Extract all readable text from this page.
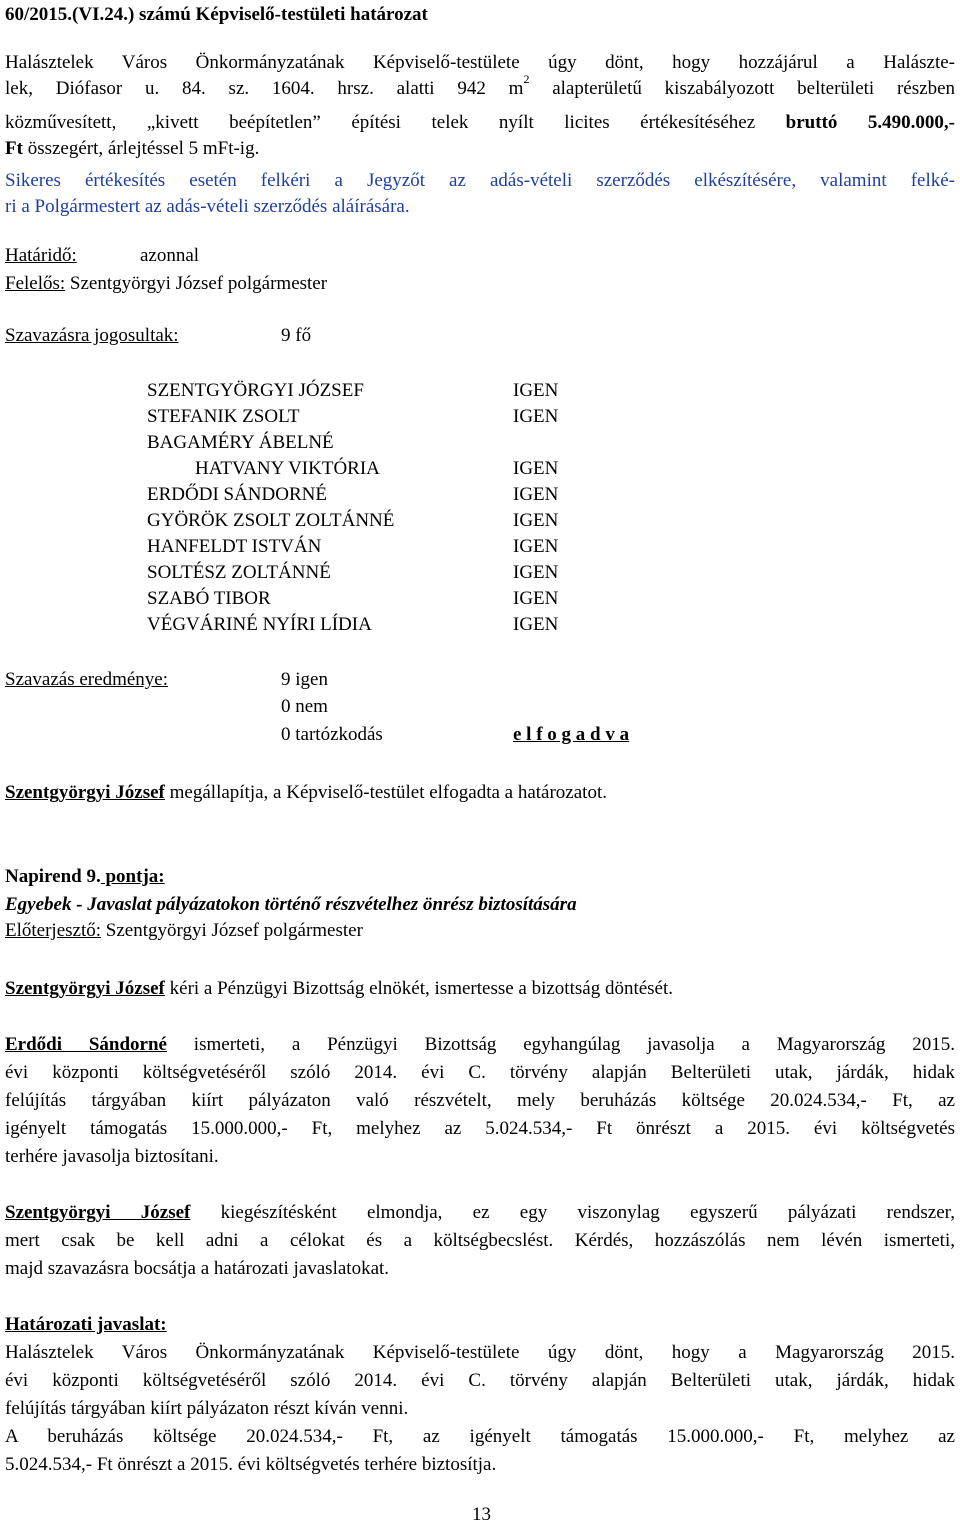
60/2015.(VI.24.) számú Képviselő-testületi határozat
Halásztelek Város Önkormányzatának Képviselő-testülete úgy dönt, hogy hozzájárul a Halászte-
lek, Diófasor u. 84. sz. 1604. hrsz. alatti 942 $m^2$ alapterületű kiszabályozott belterületi részben
közművesített, „kivett beépítetlen” építési telek nyílt licites értékesítéséhez bruttó 5.490.000,-
Ft összegért, árlejtéssel 5 mFt-ig.
Sikeres értékesítés esetén felkéri a Jegyzőt az adás-vételi szerződés elkészítésére, valamint felké-
ri a Polgármestert az adás-vételi szerződés aláírására.
Határidő:	azonnal
Felelős: Szentgyörgyi József polgármester
Szavazásra jogosultak:	9 fő
SZENTGYÖRGYI JÓZSEF	IGEN
STEFANIK ZSOLT	IGEN
BAGAMÉRY ÁBELNÉ
HATVANY VIKTÓRIA	IGEN
ERDŐDI SÁNDORNÉ	IGEN
GYÖRÖK ZSOLT ZOLTÁNNÉ	IGEN
HANFELDT ISTVÁN	IGEN
SOLTÉSZ ZOLTÁNNÉ	IGEN
SZABÓ TIBOR	IGEN
VÉGVÁRINÉ NYÍRI LÍDIA	IGEN
Szavazás eredménye:	9 igen
0 nem
0 tartózkodás	e l f o g a d v a
Szentgyörgyi József megállapítja, a Képviselő-testület elfogadta a határozatot.
Napirend 9. pontja:
Egyebek - Javaslat pályázatokon történő részvételhez önrész biztosítására
Előterjesztő: Szentgyörgyi József polgármester
Szentgyörgyi József kéri a Pénzügyi Bizottság elnökét, ismertesse a bizottság döntését.
Erdődi Sándorné ismerteti, a Pénzügyi Bizottság egyhangúlag javasolja a Magyarország 2015.
évi központi költségvetéséről szóló 2014. évi C. törvény alapján Belterületi utak, járdák, hidak
felújítás tárgyában kiírt pályázaton való részvételt, mely beruházás költsége 20.024.534,- Ft, az
igényelt támogatás 15.000.000,- Ft, melyhez az 5.024.534,- Ft önrészt a 2015. évi költségvetés
terhére javasolja biztosítani.
Szentgyörgyi József kiegészítésként elmondja, ez egy viszonylag egyszerű pályázati rendszer,
mert csak be kell adni a célokat és a költségbecslést. Kérdés, hozzászólás nem lévén ismerteti,
majd szavazásra bocsátja a határozati javaslatokat.
Határozati javaslat:
Halásztelek Város Önkormányzatának Képviselő-testülete úgy dönt, hogy a Magyarország 2015.
évi központi költségvetéséről szóló 2014. évi C. törvény alapján Belterületi utak, járdák, hidak
felújítás tárgyában kiírt pályázaton részt kíván venni.
A beruházás költsége 20.024.534,- Ft, az igényelt támogatás 15.000.000,- Ft, melyhez az
5.024.534,- Ft önrészt a 2015. évi költségvetés terhére biztosítja.
13
